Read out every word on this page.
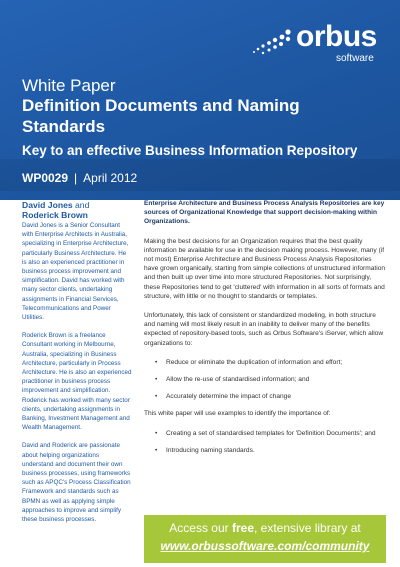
orbus
software
White Paper
Definition Documents and Naming Standards
Key to an effective Business Information Repository
WP0029 | April 2012
David Jones and
Roderick Brown

David Jones is a Senior Consultant with Enterprise Architects in Australia, specializing in Enterprise Architecture, particularly Business Architecture. He is also an experienced practitioner in business process improvement and simplification. David has worked with many sector clients, undertaking assignments in Financial Services, Telecommunications and Power Utilities.

Roderick Brown is a freelance Consultant working in Melbourne, Australia, specializing in Business Architecture, particularly in Process Architecture. He is also an experienced practitioner in business process improvement and simplification. Roderick has worked with many sector clients, undertaking assignments in Banking, Investment Management and Wealth Management.

David and Roderick are passionate about helping organizations understand and document their own business processes, using frameworks such as APQC's Process Classification Framework and standards such as BPMN as well as applying simple approaches to improve and simplify these business processes.

Enterprise Architecture and Business Process Analysis Repositories are key sources of Organizational Knowledge that support decision-making within Organizations.

Making the best decisions for an Organization requires that the best quality information be available for use in the decision making process. However, many (if not most) Enterprise Architecture and Business Process Analysis Repositories have grown organically, starting from simple collections of unstructured information and then built up over time into more structured Repositories. Not surprisingly, these Repositories tend to get 'cluttered' with information in all sorts of formats and structure, with little or no thought to standards or templates.

Unfortunately, this lack of consistent or standardized modeling, in both structure and naming will most likely result in an inability to deliver many of the benefits expected of repository-based tools, such as Orbus Software's iServer, which allow organizations to:

• Reduce or eliminate the duplication of information and effort;
• Allow the re-use of standardised information; and
• Accurately determine the impact of change

This white paper will use examples to identify the importance of:

• Creating a set of standardised templates for 'Definition Documents'; and
• Introducing naming standards.
Access our free, extensive library at
www.orbussoftware.com/community
